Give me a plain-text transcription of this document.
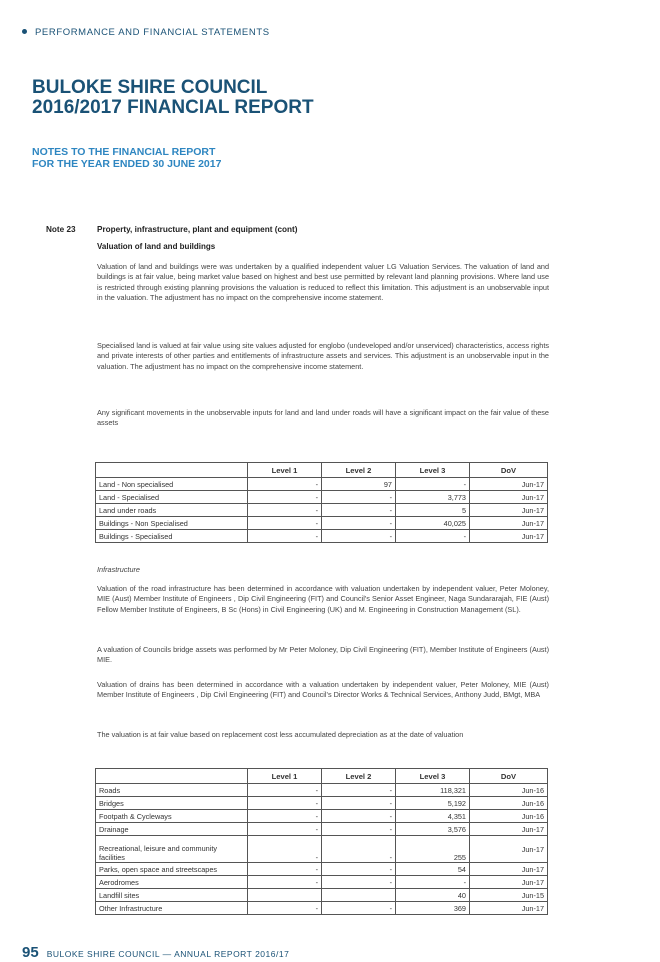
PERFORMANCE AND FINANCIAL STATEMENTS
BULOKE SHIRE COUNCIL
2016/2017 FINANCIAL REPORT
NOTES TO THE FINANCIAL REPORT
FOR THE YEAR ENDED 30 JUNE 2017
Note 23	Property, infrastructure, plant and equipment (cont)
Valuation of land and buildings
Valuation of land and buildings were was undertaken by a qualified independent valuer LG Valuation Services. The valuation of land and buildings is at fair value, being market value based on highest and best use permitted by relevant land planning provisions. Where land use is restricted through existing planning provisions the valuation is reduced to reflect this limitation. This adjustment is an unobservable input in the valuation. The adjustment has no impact on the comprehensive income statement.
Specialised land is valued at fair value using site values adjusted for englobo (undeveloped and/or unserviced) characteristics, access rights and private interests of other parties and entitlements of infrastructure assets and services. This adjustment is an unobservable input in the valuation. The adjustment has no impact on the comprehensive income statement.
Any significant movements in the unobservable inputs for land and land under roads will have a significant impact on the fair value of these assets
	Level 1	Level 2	Level 3	DoV
Land - Non specialised	-	97	-	Jun-17
Land - Specialised	-	-	3,773	Jun-17
Land under roads	-	-	5	Jun-17
Buildings - Non Specialised	-	-	40,025	Jun-17
Buildings - Specialised	-	-	-	Jun-17
Infrastructure
Valuation of the road infrastructure has been determined in accordance with valuation undertaken by independent valuer, Peter Moloney, MIE (Aust) Member Institute of Engineers , Dip Civil Engineering (FIT) and Council's Senior Asset Engineer, Naga Sundararajah, FIE (Aust) Fellow Member Institute of Engineers, B Sc (Hons) in Civil Engineering (UK) and M. Engineering in Construction Management (SL).
A valuation of Councils bridge assets was performed by Mr Peter Moloney, Dip Civil Engineering (FIT), Member Institute of Engineers (Aust) MIE.
Valuation of drains has been determined in accordance with a valuation undertaken by independent valuer, Peter Moloney, MIE (Aust) Member Institute of Engineers , Dip Civil Engineering (FIT) and Council's Director Works & Technical Services, Anthony Judd, BMgt, MBA
The valuation is at fair value based on replacement cost less accumulated depreciation as at the date of valuation
	Level 1	Level 2	Level 3	DoV
Roads	-	-	118,321	Jun-16
Bridges	-	-	5,192	Jun-16
Footpath & Cycleways	-	-	4,351	Jun-16
Drainage	-	-	3,576	Jun-17
Recreational, leisure and community facilities	-	-	255	Jun-17
Parks, open space and streetscapes	-	-	54	Jun-17
Aerodromes	-	-	-	Jun-17
Landfill sites			40	Jun-15
Other Infrastructure	-	-	369	Jun-17
95 BULOKE SHIRE COUNCIL — ANNUAL REPORT 2016/17
